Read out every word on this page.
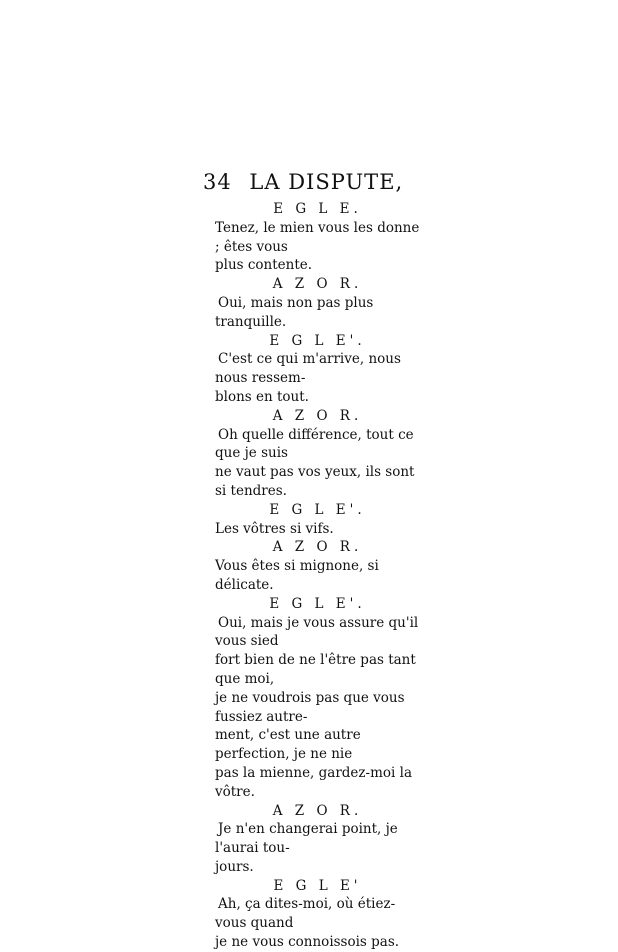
34 LA DISPUTE,

E G L E.

Tenez, le mien vous les donne ; êtes vous

plus contente.

A Z O R.

Oui, mais non pas plus tranquille.

E G L E'.

C'est ce qui m'arrive, nous nous ressem-

blons en tout.

A Z O R.

Oh quelle différence, tout ce que je suis

ne vaut pas vos yeux, ils sont si tendres.

E G L E'.

Les vôtres si vifs.

A Z O R.

Vous êtes si mignone, si délicate.

E G L E'.

Oui, mais je vous assure qu'il vous sied

fort bien de ne l'être pas tant que moi,

je ne voudrois pas que vous fussiez autre-

ment, c'est une autre perfection, je ne nie

pas la mienne, gardez-moi la vôtre.

A Z O R.

Je n'en changerai point, je l'aurai tou-

jours.

E G L E'

Ah, ça dites-moi, où étiez-vous quand

je ne vous connoissois pas.
